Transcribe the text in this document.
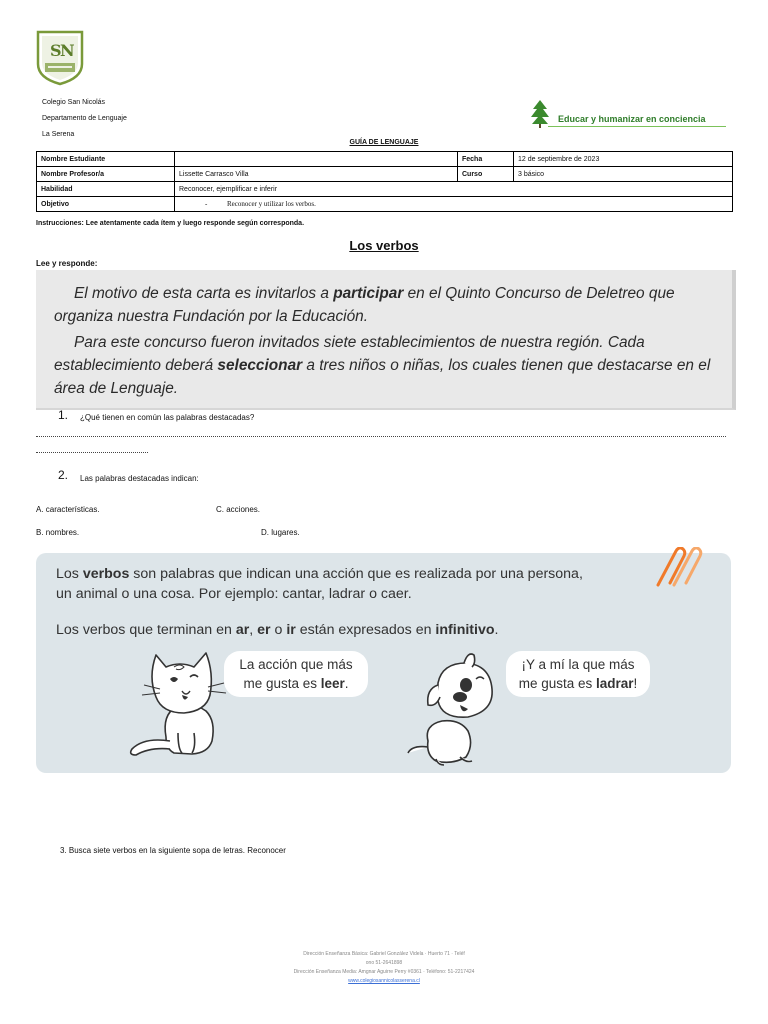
S
N
Colegio San Nicolás
Departamento de Lenguaje
La Serena
Educar y humanizar en conciencia
GUÍA DE LENGUAJE
Nombre Estudiante		Fecha	12 de septiembre de 2023
Nombre Profesor/a	Lissette Carrasco Villa	Curso	3 básico
Habilidad	Reconocer, ejemplificar e inferir		
Objetivo	- Reconocer y utilizar los verbos.		
Instrucciones: Lee atentamente cada ítem y luego responde según corresponda.
Los verbos
Lee y responde:

El motivo de esta carta es invitarlos a participar en el Quinto Concurso de Deletreo que organiza nuestra Fundación por la Educación.

Para este concurso fueron invitados siete establecimientos de nuestra región. Cada establecimiento deberá seleccionar a tres niños o niñas, los cuales tienen que destacarse en el área de Lenguaje.

1. ¿Qué tienen en común las palabras destacadas?
2. Las palabras destacadas indican:
A. características.	C. acciones.
B. nombres.	D. lugares.

Los verbos son palabras que indican una acción que es realizada por una persona,

un animal o una cosa. Por ejemplo: cantar, ladrar o caer.

Los verbos que terminan en ar, er o ir están expresados en infinitivo.

La acción que más
me gusta es leer.
¡Y a mí la que más
me gusta es ladrar!
3. Busca siete verbos en la siguiente sopa de letras. Reconocer
Dirección Enseñanza Básica: Gabriel González Videla · Huerto 71 · Teléf
ono 51-2641898
Dirección Enseñanza Media: Amgnar Aguirre Perry #0361 · Teléfono: 51-2217424
www.colegiosannicolasserena.cl
